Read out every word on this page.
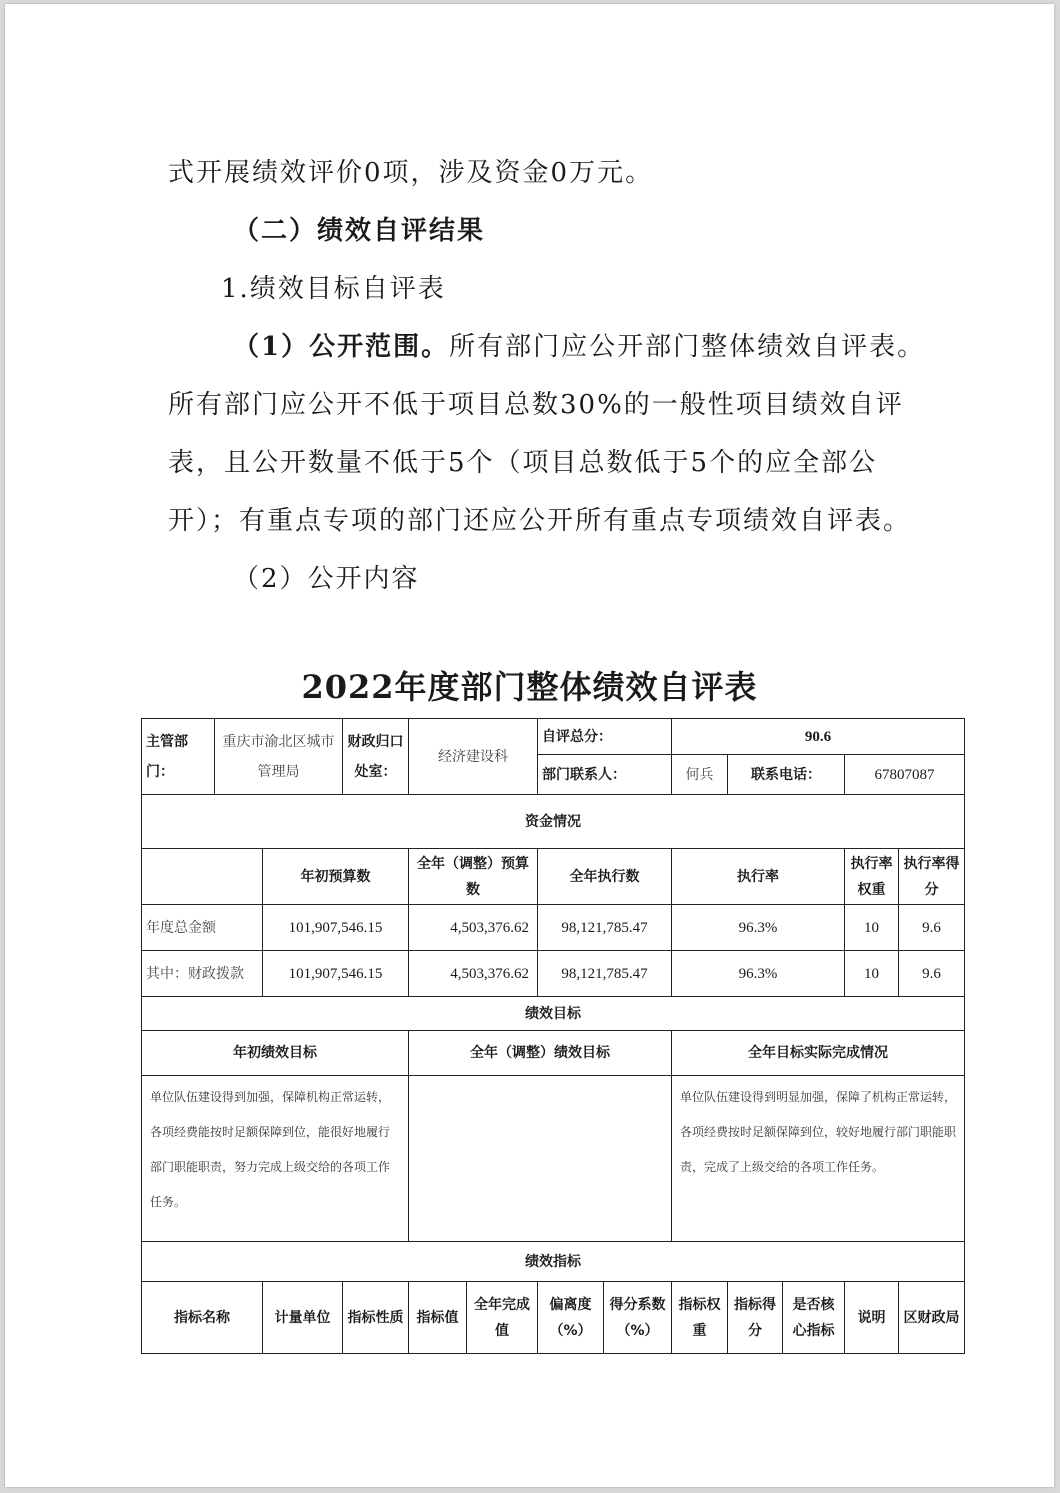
式开展绩效评价0项，涉及资金0万元。

（二）绩效自评结果

1.绩效目标自评表

（1）公开范围。所有部门应公开部门整体绩效自评表。

所有部门应公开不低于项目总数30%的一般性项目绩效自评

表，且公开数量不低于5个（项目总数低于5个的应全部公

开）；有重点专项的部门还应公开所有重点专项绩效自评表。

（2）公开内容

2022年度部门整体绩效自评表
主管部门：	重庆市渝北区城市管理局		财政归口处室：	经济建设科		自评总分：		90.6				
						部门联系人：		何兵	联系电话：		67807087	
资金情况												
		年初预算数		全年（调整）预算数		全年执行数		执行率			执行率权重	执行率得分
年度总金额		101,907,546.15		4,503,376.62		98,121,785.47		96.3%			10	9.6
其中：财政拨款		101,907,546.15		4,503,376.62		98,121,785.47		96.3%			10	9.6
绩效目标												
年初绩效目标				全年（调整）绩效目标				全年目标实际完成情况				
单位队伍建设得到加强，保障机构正常运转，各项经费能按时足额保障到位，能很好地履行部门职能职责，努力完成上级交给的各项工作任务。								单位队伍建设得到明显加强，保障了机构正常运转，各项经费按时足额保障到位，较好地履行部门职能职责，完成了上级交给的各项工作任务。				
绩效指标												
指标名称		计量单位	指标性质	指标值	全年完成值	偏离度（%）	得分系数（%）	指标权重	指标得分	是否核心指标	说明	区财政局
